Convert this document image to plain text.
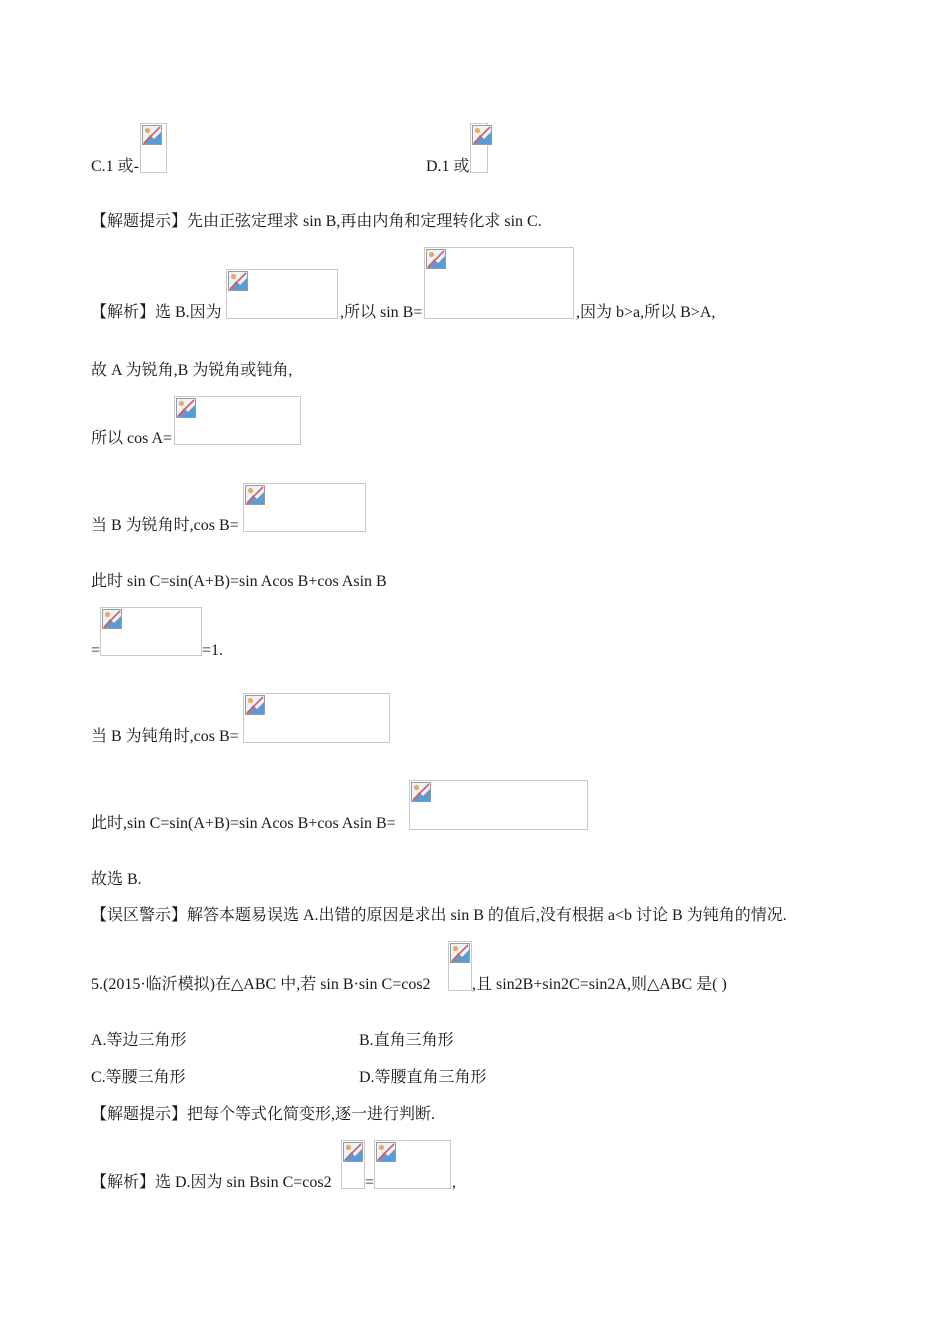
C.1 或-	D.1 或
【解题提示】先由正弦定理求 sin B,再由内角和定理转化求 sin C.
【解析】选 B.因为	,所以 sin B=	,因为 b>a,所以 B>A,
故 A 为锐角,B 为锐角或钝角,
所以 cos A=
当 B 为锐角时,cos B=
此时 sin C=sin(A+B)=sin Acos B+cos Asin B
=	=1.
当 B 为钝角时,cos B=
此时,sin C=sin(A+B)=sin Acos B+cos Asin B=
故选 B.
【误区警示】解答本题易误选 A.出错的原因是求出 sin B 的值后,没有根据 a<b 讨论 B 为钝角的情况.
5.(2015·临沂模拟)在△ABC 中,若 sin B·sin C=cos2	,且 sin2B+sin2C=sin2A,则△ABC 是( )
A.等边三角形	B.直角三角形
C.等腰三角形	D.等腰直角三角形
【解题提示】把每个等式化简变形,逐一进行判断.
【解析】选 D.因为 sin Bsin C=cos2 =	,
